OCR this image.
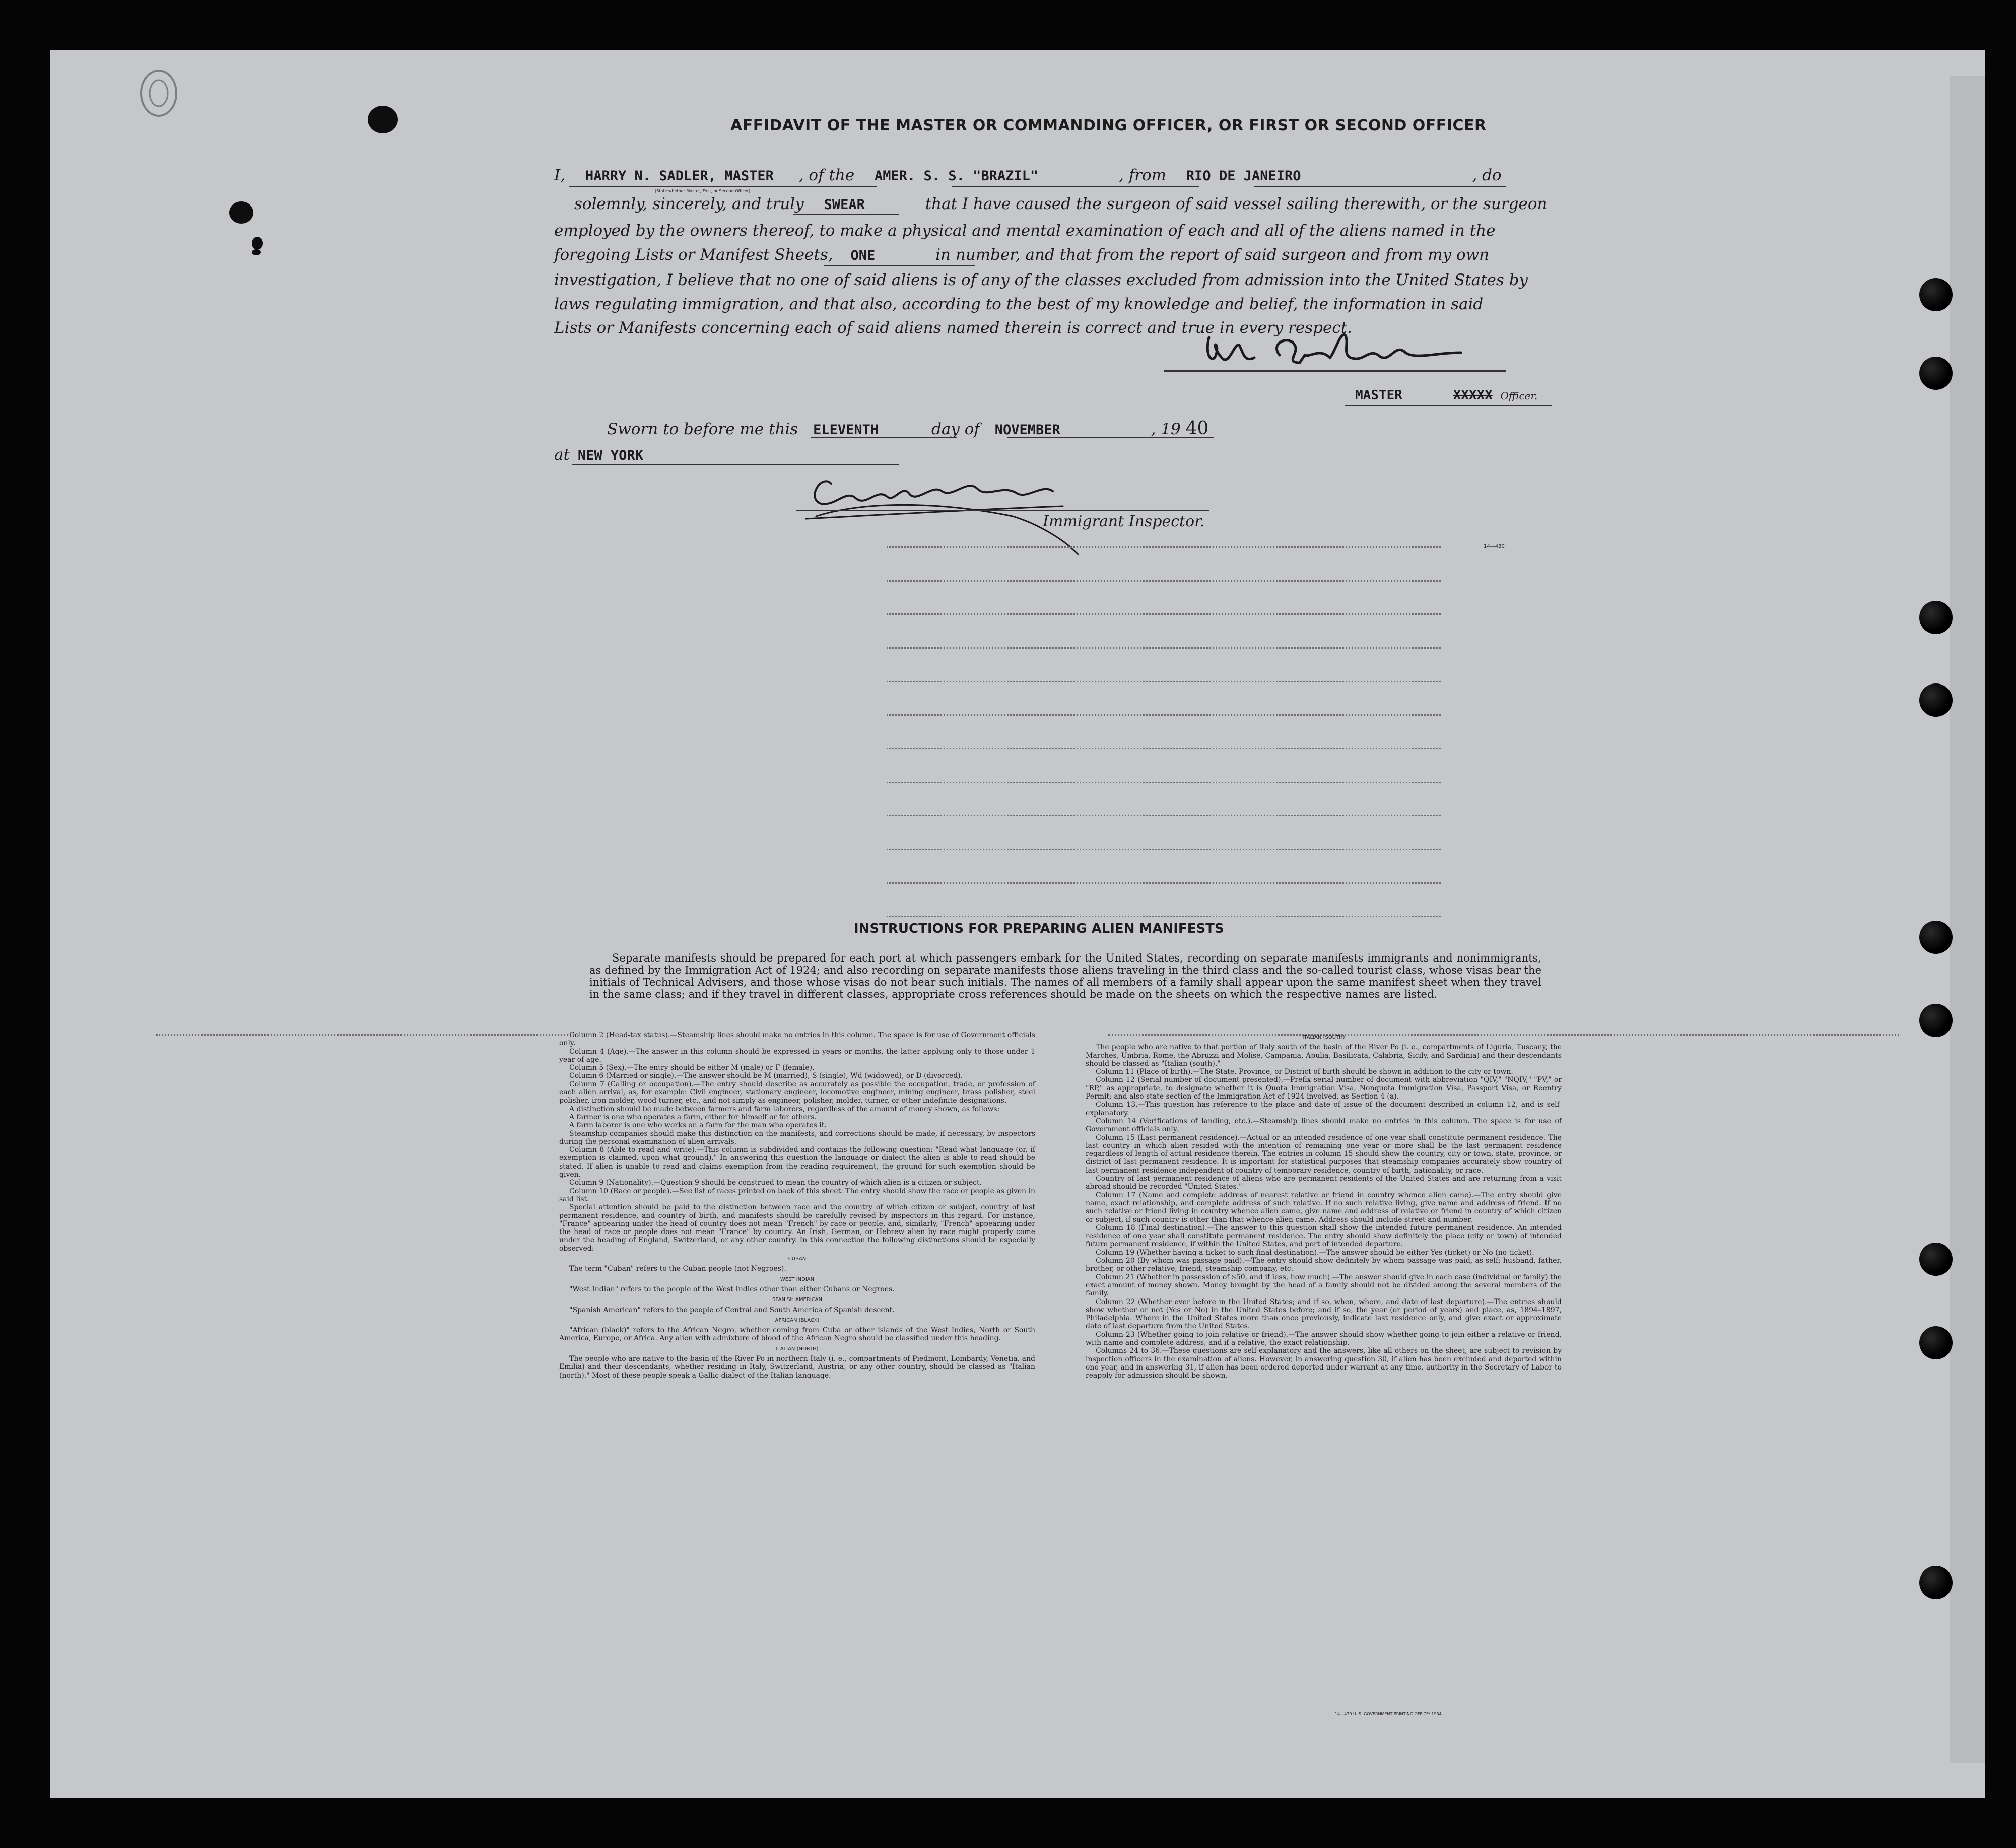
AFFIDAVIT OF THE MASTER OR COMMANDING OFFICER, OR FIRST OR SECOND OFFICER
I, HARRY N. SADLER, MASTER , of the AMER. S. S. "BRAZIL"	, from RIO DE JANEIRO	, do
(State whether Master, First, or Second Officer)
solemnly, sincerely, and truly SWEAR	that I have caused the surgeon of said vessel sailing therewith, or the surgeon
employed by the owners thereof, to make a physical and mental examination of each and all of the aliens named in the
foregoing Lists or Manifest Sheets, ONE	in number, and that from the report of said surgeon and from my own
investigation, I believe that no one of said aliens is of any of the classes excluded from admission into the United States by
laws regulating immigration, and that also, according to the best of my knowledge and belief, the information in said
Lists or Manifests concerning each of said aliens named therein is correct and true in every respect.
MASTER	XXXXX Officer.
Sworn to before me this ELEVENTH	day of NOVEMBER	, 19 40
at NEW YORK
Immigrant Inspector.
14—430
INSTRUCTIONS FOR PREPARING ALIEN MANIFESTS
Separate manifests should be prepared for each port at which passengers embark for the United States, recording on separate manifests immigrants and nonimmigrants, as defined by the Immigration Act of 1924; and also recording on separate manifests those aliens traveling in the third class and the so-called tourist class, whose visas bear the initials of Technical Advisers, and those whose visas do not bear such initials. The names of all members of a family shall appear upon the same manifest sheet when they travel in the same class; and if they travel in different classes, appropriate cross references should be made on the sheets on which the respective names are listed.

Column 2 (Head-tax status).—Steamship lines should make no entries in this column. The space is for use of Government officials only.

Column 4 (Age).—The answer in this column should be expressed in years or months, the latter applying only to those under 1 year of age.

Column 5 (Sex).—The entry should be either M (male) or F (female).

Column 6 (Married or single).—The answer should be M (married), S (single), Wd (widowed), or D (divorced).

Column 7 (Calling or occupation).—The entry should describe as accurately as possible the occupation, trade, or profession of each alien arrival, as, for example: Civil engineer, stationary engineer, locomotive engineer, mining engineer, brass polisher, steel polisher, iron molder, wood turner, etc., and not simply as engineer, polisher, molder, turner, or other indefinite designations.

A distinction should be made between farmers and farm laborers, regardless of the amount of money shown, as follows:

A farmer is one who operates a farm, either for himself or for others.

A farm laborer is one who works on a farm for the man who operates it.

Steamship companies should make this distinction on the manifests, and corrections should be made, if necessary, by inspectors during the personal examination of alien arrivals.

Column 8 (Able to read and write).—This column is subdivided and contains the following question: "Read what language (or, if exemption is claimed, upon what ground)." In answering this question the language or dialect the alien is able to read should be stated. If alien is unable to read and claims exemption from the reading requirement, the ground for such exemption should be given.

Column 9 (Nationality).—Question 9 should be construed to mean the country of which alien is a citizen or subject.

Column 10 (Race or people).—See list of races printed on back of this sheet. The entry should show the race or people as given in said list.

Special attention should be paid to the distinction between race and the country of which citizen or subject, country of last permanent residence, and country of birth, and manifests should be carefully revised by inspectors in this regard. For instance, "France" appearing under the head of country does not mean "French" by race or people, and, similarly, "French" appearing under the head of race or people does not mean "France" by country. An Irish, German, or Hebrew alien by race might properly come under the heading of England, Switzerland, or any other country. In this connection the following distinctions should be especially observed:

CUBAN

The term "Cuban" refers to the Cuban people (not Negroes).

WEST INDIAN

"West Indian" refers to the people of the West Indies other than either Cubans or Negroes.

SPANISH AMERICAN

"Spanish American" refers to the people of Central and South America of Spanish descent.

AFRICAN (BLACK)

"African (black)" refers to the African Negro, whether coming from Cuba or other islands of the West Indies, North or South America, Europe, or Africa. Any alien with admixture of blood of the African Negro should be classified under this heading.

ITALIAN (NORTH)

The people who are native to the basin of the River Po in northern Italy (i. e., compartments of Piedmont, Lombardy, Venetia, and Emilia) and their descendants, whether residing in Italy, Switzerland, Austria, or any other country, should be classed as "Italian (north)." Most of these people speak a Gallic dialect of the Italian language.

ITALIAN (SOUTH)

The people who are native to that portion of Italy south of the basin of the River Po (i. e., compartments of Liguria, Tuscany, the Marches, Umbria, Rome, the Abruzzi and Molise, Campania, Apulia, Basilicata, Calabria, Sicily, and Sardinia) and their descendants should be classed as "Italian (south)."

Column 11 (Place of birth).—The State, Province, or District of birth should be shown in addition to the city or town.

Column 12 (Serial number of document presented).—Prefix serial number of document with abbreviation "QIV," "NQIV," "PV," or "RP," as appropriate, to designate whether it is Quota Immigration Visa, Nonquota Immigration Visa, Passport Visa, or Reentry Permit; and also state section of the Immigration Act of 1924 involved, as Section 4 (a).

Column 13.—This question has reference to the place and date of issue of the document described in column 12, and is self-explanatory.

Column 14 (Verifications of landing, etc.).—Steamship lines should make no entries in this column. The space is for use of Government officials only.

Column 15 (Last permanent residence).—Actual or an intended residence of one year shall constitute permanent residence. The last country in which alien resided with the intention of remaining one year or more shall be the last permanent residence regardless of length of actual residence therein. The entries in column 15 should show the country, city or town, state, province, or district of last permanent residence. It is important for statistical purposes that steamship companies accurately show country of last permanent residence independent of country of temporary residence, country of birth, nationality, or race.

Country of last permanent residence of aliens who are permanent residents of the United States and are returning from a visit abroad should be recorded "United States."

Column 17 (Name and complete address of nearest relative or friend in country whence alien came).—The entry should give name, exact relationship, and complete address of such relative. If no such relative living, give name and address of friend. If no such relative or friend living in country whence alien came, give name and address of relative or friend in country of which citizen or subject, if such country is other than that whence alien came. Address should include street and number.

Column 18 (Final destination).—The answer to this question shall show the intended future permanent residence. An intended residence of one year shall constitute permanent residence. The entry should show definitely the place (city or town) of intended future permanent residence, if within the United States, and port of intended departure.

Column 19 (Whether having a ticket to such final destination).—The answer should be either Yes (ticket) or No (no ticket).

Column 20 (By whom was passage paid).—The entry should show definitely by whom passage was paid, as self; husband, father, brother, or other relative; friend; steamship company, etc.

Column 21 (Whether in possession of $50, and if less, how much).—The answer should give in each case (individual or family) the exact amount of money shown. Money brought by the head of a family should not be divided among the several members of the family.

Column 22 (Whether ever before in the United States; and if so, when, where, and date of last departure).—The entries should show whether or not (Yes or No) in the United States before; and if so, the year (or period of years) and place, as, 1894–1897, Philadelphia. Where in the United States more than once previously, indicate last residence only, and give exact or approximate date of last departure from the United States.

Column 23 (Whether going to join relative or friend).—The answer should show whether going to join either a relative or friend, with name and complete address; and if a relative, the exact relationship.

Columns 24 to 36.—These questions are self-explanatory and the answers, like all others on the sheet, are subject to revision by inspection officers in the examination of aliens. However, in answering question 30, if alien has been excluded and deported within one year, and in answering 31, if alien has been ordered deported under warrant at any time, authority in the Secretary of Labor to reapply for admission should be shown.

14—430 U. S. GOVERNMENT PRINTING OFFICE: 1934
